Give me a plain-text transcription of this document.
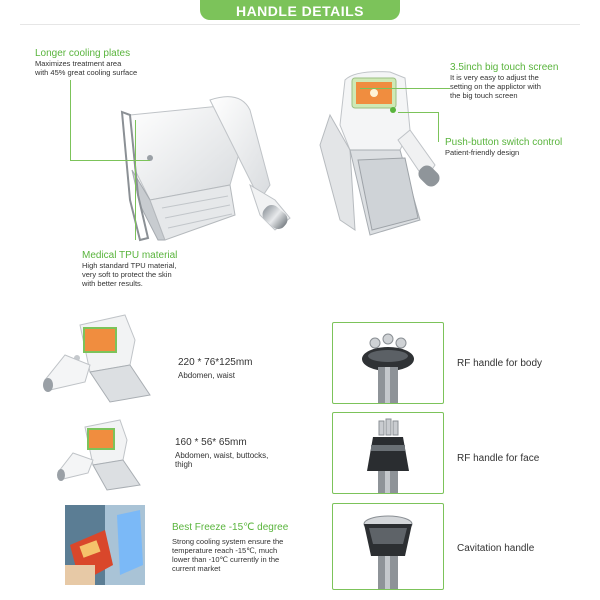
HANDLE DETAILS
Longer cooling plates
Maximizes treatment area
with 45% great cooling surface	3.5inch big touch screen
It is very easy to adjust the
setting on the applictor with
the big touch screen
Push-button switch control
Patient-friendly design
Medical TPU material
High standard TPU material,
very soft to protect the skin
with better results.
220 * 76*125mm
Abdomen, waist
160 * 56* 65mm
Abdomen, waist, buttocks,
thigh
Best Freeze -15℃ degree
Strong cooling system ensure the
temperature reach -15℃, much
lower than -10℃ currently in the
current market
RF handle for body
RF handle for face
Cavitation handle
